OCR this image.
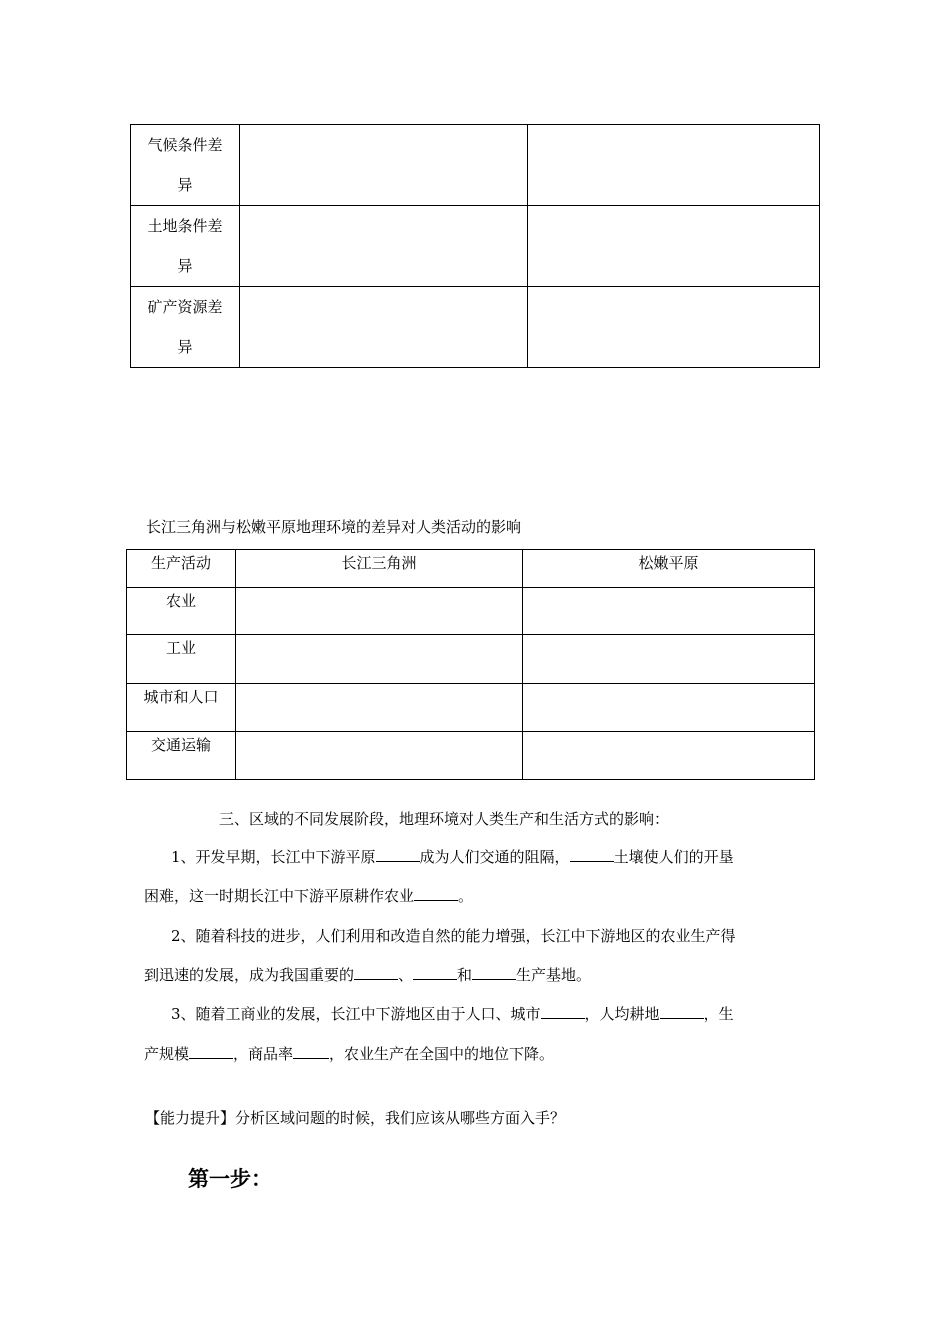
气候条件差
异		
土地条件差
异		
矿产资源差
异		
长江三角洲与松嫩平原地理环境的差异对人类活动的影响
生产活动	长江三角洲	松嫩平原
农业		
工业		
城市和人口		
交通运输		
三、区域的不同发展阶段，地理环境对人类生产和生活方式的影响：
1、开发早期，长江中下游平原	成为人们交通的阻隔，	土壤使人们的开垦
困难，这一时期长江中下游平原耕作农业	。
2、随着科技的进步，人们利用和改造自然的能力增强，长江中下游地区的农业生产得
到迅速的发展，成为我国重要的	、	和	生产基地。
3、随着工商业的发展，长江中下游地区由于人口、城市	，人均耕地	，生
产规模	，商品率 ，农业生产在全国中的地位下降。
【能力提升】分析区域问题的时候，我们应该从哪些方面入手？
第一步：
